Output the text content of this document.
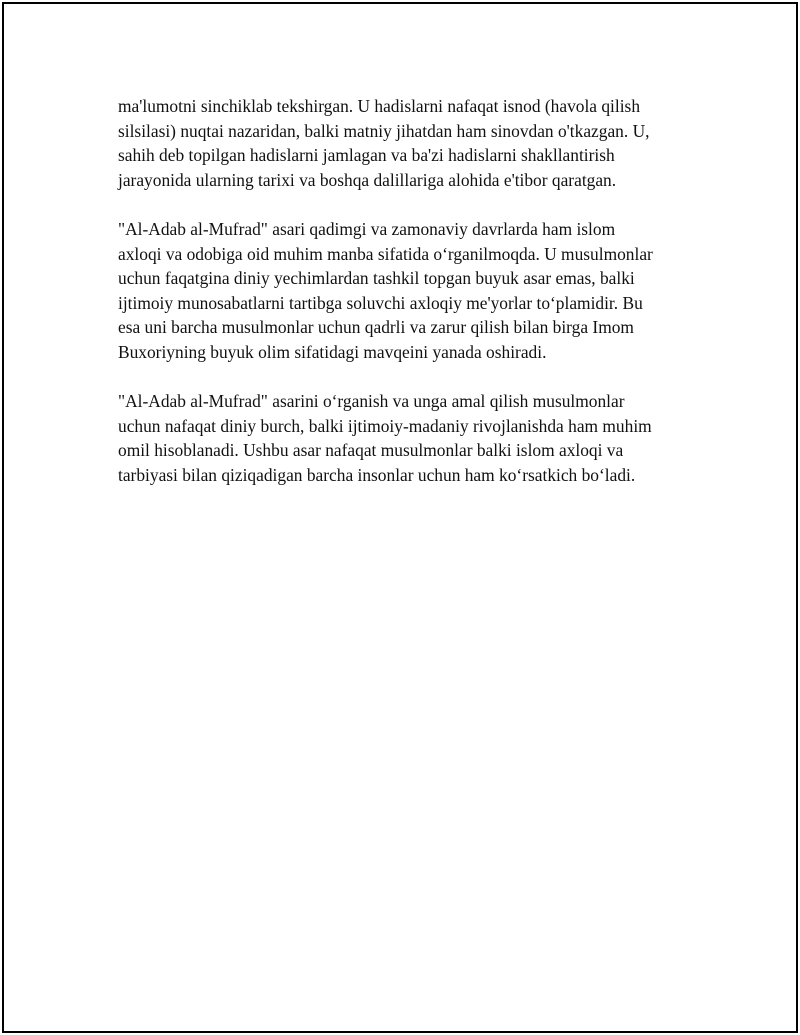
ma'lumotni sinchiklab tekshirgan. U hadislarni nafaqat isnod (havola qilish
silsilasi) nuqtai nazaridan, balki matniy jihatdan ham sinovdan o'tkazgan. U,
sahih deb topilgan hadislarni jamlagan va ba'zi hadislarni shakllantirish
jarayonida ularning tarixi va boshqa dalillariga alohida e'tibor qaratgan.

"Al-Adab al-Mufrad" asari qadimgi va zamonaviy davrlarda ham islom
axloqi va odobiga oid muhim manba sifatida o‘rganilmoqda. U musulmonlar
uchun faqatgina diniy yechimlardan tashkil topgan buyuk asar emas, balki
ijtimoiy munosabatlarni tartibga soluvchi axloqiy me'yorlar to‘plamidir. Bu
esa uni barcha musulmonlar uchun qadrli va zarur qilish bilan birga Imom
Buxoriyning buyuk olim sifatidagi mavqeini yanada oshiradi.

"Al-Adab al-Mufrad" asarini o‘rganish va unga amal qilish musulmonlar
uchun nafaqat diniy burch, balki ijtimoiy-madaniy rivojlanishda ham muhim
omil hisoblanadi. Ushbu asar nafaqat musulmonlar balki islom axloqi va
tarbiyasi bilan qiziqadigan barcha insonlar uchun ham ko‘rsatkich bo‘ladi.
